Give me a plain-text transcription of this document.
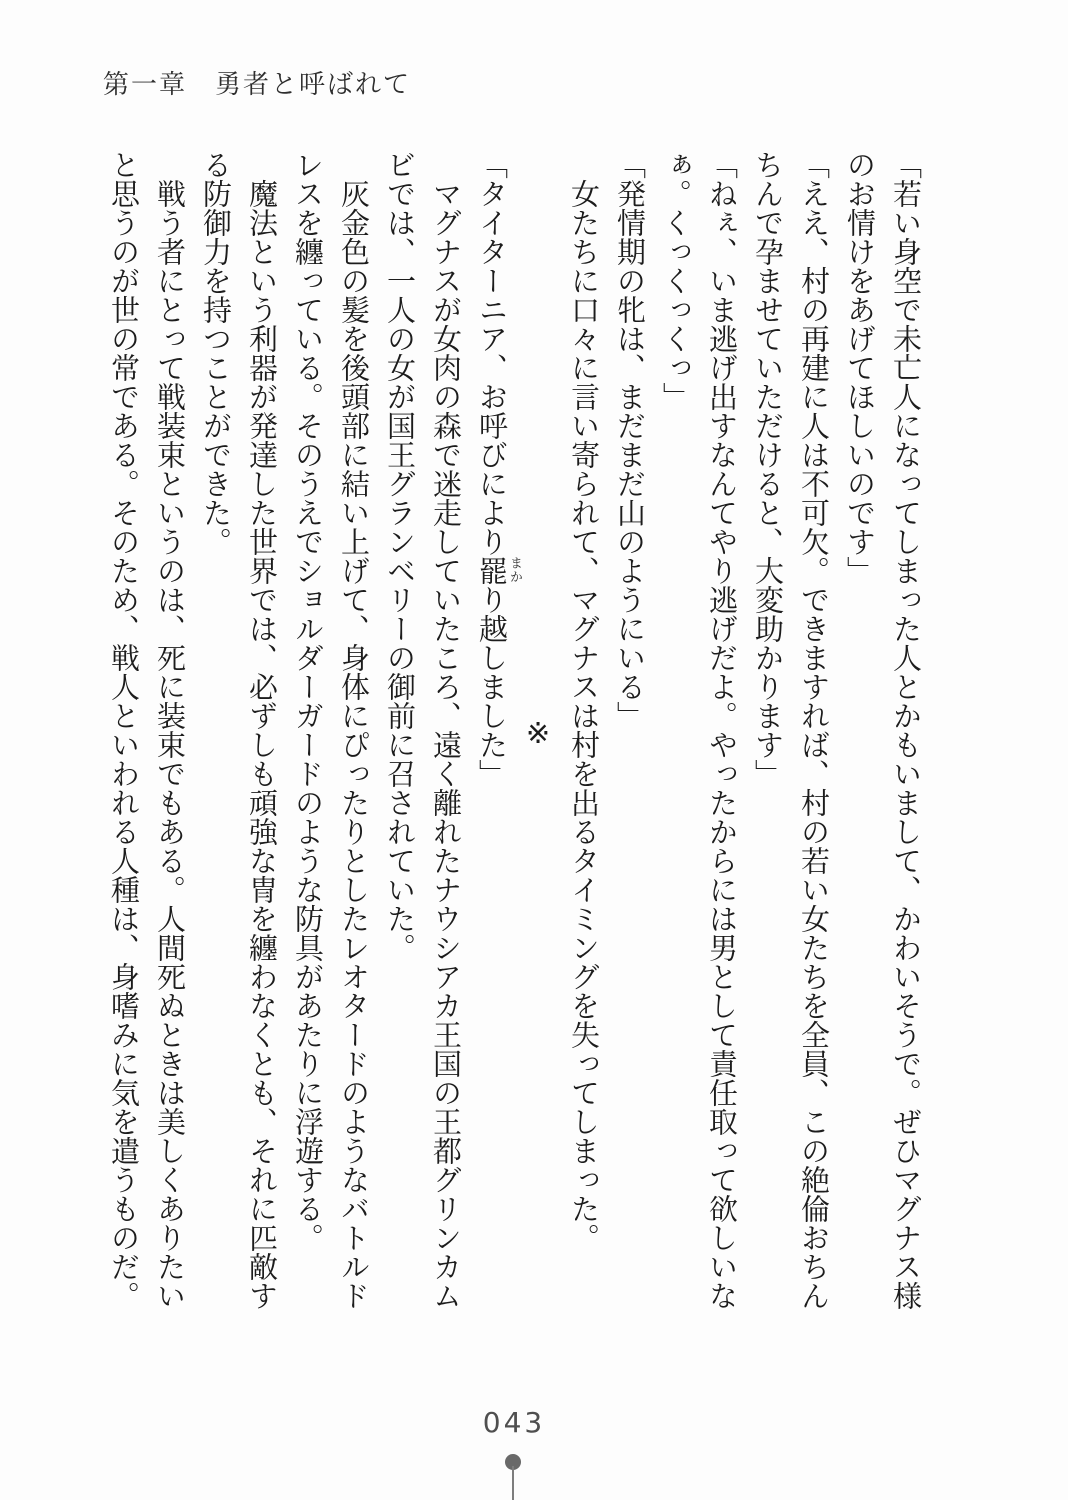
第一章　勇者と呼ばれて

「若い身空で未亡人になってしまった人とかもいまして、かわいそうで。ぜひマグナス様のお情けをあげてほしいのです」

「ええ、村の再建に人は不可欠。できますれば、村の若い女たちを全員、この絶倫おちんちんで孕ませていただけると、大変助かります」

「ねぇ、いま逃げ出すなんてやり逃げだよ。やったからには男として責任取って欲しいなぁ。くっくっくっ」

「発情期の牝は、まだまだ山のようにいる」

女たちに口々に言い寄られて、マグナスは村を出るタイミングを失ってしまった。

※

「タイターニア、お呼びにより罷り越しました」

マグナスが女肉の森で迷走していたころ、遠く離れたナウシアカ王国の王都グリンカムビでは、一人の女が国王グランベリーの御前に召されていた。

灰金色の髪を後頭部に結い上げて、身体にぴったりとしたレオタードのようなバトルドレスを纏っている。そのうえでショルダーガードのような防具があたりに浮遊する。

魔法という利器が発達した世界では、必ずしも頑強な冑を纏わなくとも、それに匹敵する防御力を持つことができた。

戦う者にとって戦装束というのは、死に装束でもある。人間死ぬときは美しくありたいと思うのが世の常である。そのため、戦人といわれる人種は、身嗜みに気を遣うものだ。	まか
043
